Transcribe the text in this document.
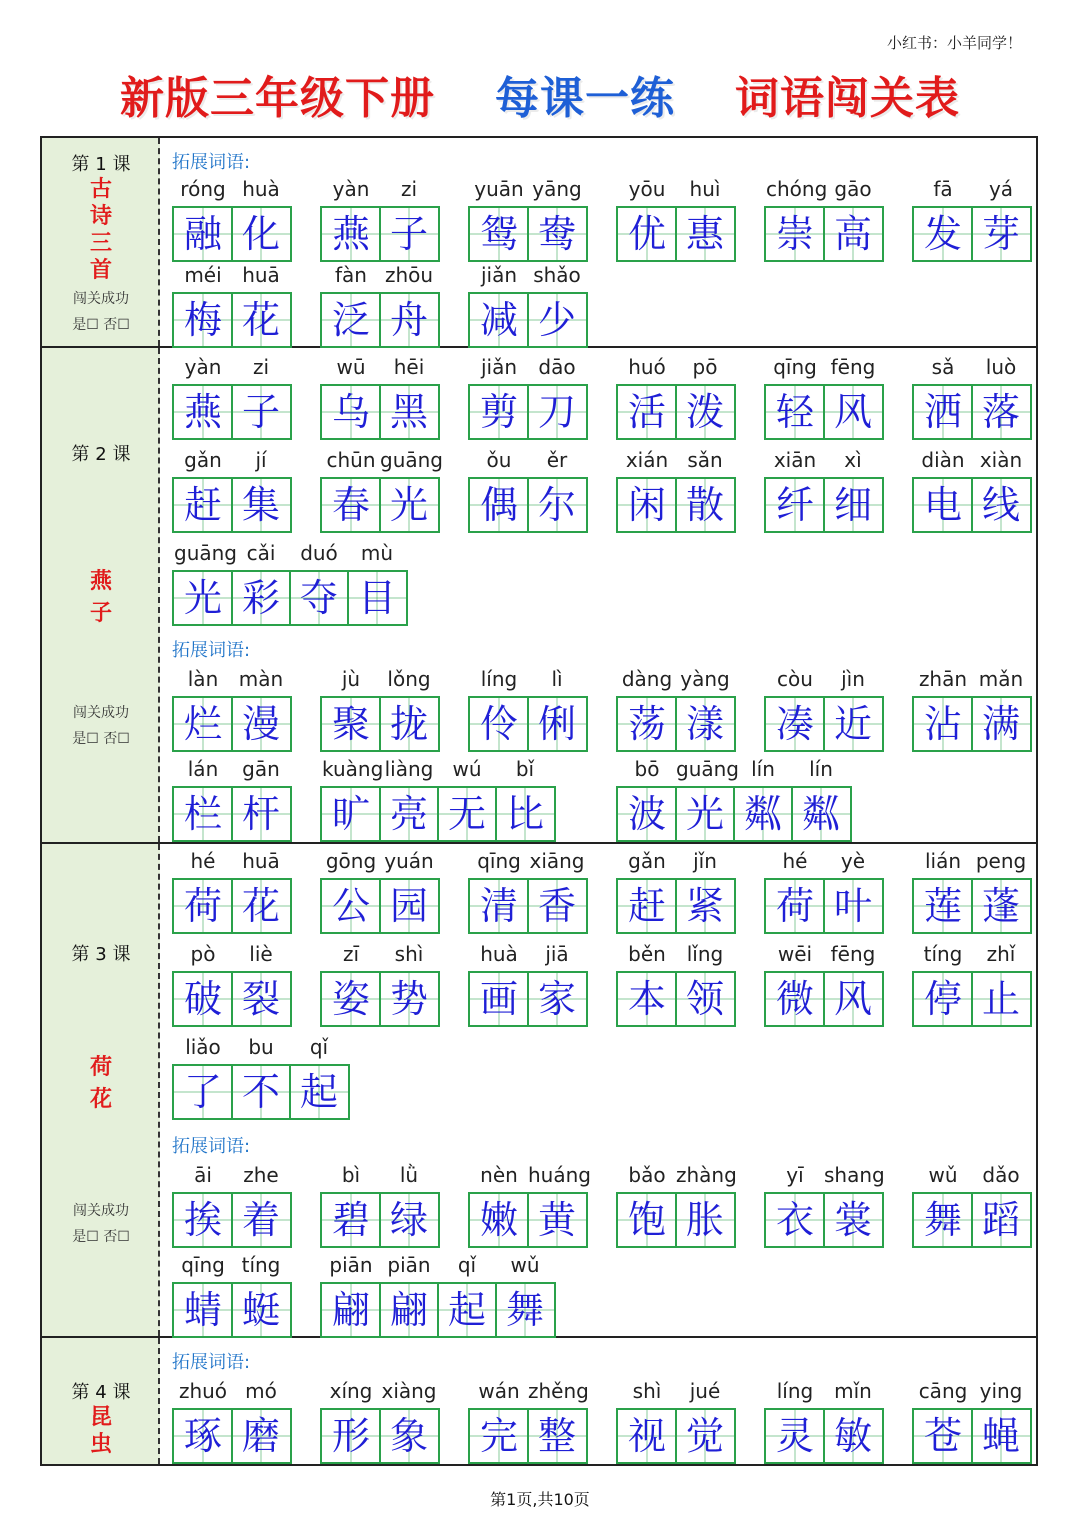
小红书：小羊同学！
新版三年级下册 每课一练 词语闯关表
第 1 课
古诗三首
闯关成功
是☐ 否☐
拓展词语:
róng huà
融 化
yàn	zi
燕 子
yuān yāng
鸳 鸯
yōu	huì
优 惠
chóng gāo
崇 高
fā	yá
发 芽
méi	huā
梅 花
fàn zhōu
泛 舟
jiǎn shǎo
减 少
第 2 课
燕子
闯关成功
是☐ 否☐
拓展词语:
yàn	zi
燕 子
wū	hēi
乌 黑
jiǎn	dāo
剪 刀
huó	pō
活 泼
qīng fēng
轻 风
sǎ	luò
洒 落
gǎn	jí
赶 集
chūn guāng
春 光
ǒu	ěr
偶 尔
xián sǎn
闲 散
xiān	xì
纤 细
diàn xiàn
电 线
guāng cǎi	duó	mù
光 彩 夺 目
làn	màn
烂 漫
jù	lǒng
聚 拢
líng	lì
伶 俐
dàng yàng
荡 漾
còu	jìn
凑 近
zhān mǎn
沾 满
lán	gān
栏 杆
kuàng liàng wú	bǐ
旷 亮 无 比
bō guāng lín	lín
波 光 粼 粼
第 3 课
荷花
闯关成功
是☐ 否☐
拓展词语:
hé	huā
荷 花
gōng yuán
公 园
qīng xiāng
清 香
gǎn	jǐn
赶 紧
hé	yè
荷 叶
lián peng
莲 蓬
pò	liè
破 裂
zī	shì
姿 势
huà	jiā
画 家
běn	lǐng
本 领
wēi fēng
微 风
tíng	zhǐ
停 止
liǎo	bu	qǐ
了 不 起
āi	zhe
挨 着
bì	lǜ
碧 绿
nèn huáng
嫩 黄
bǎo zhàng
饱 胀
yī	shang
衣 裳
wǔ	dǎo
舞 蹈
qīng tíng
蜻 蜓
piān piān	qǐ	wǔ
翩 翩 起 舞
第 4 课
昆虫
拓展词语:
zhuó mó
琢 磨
xíng xiàng
形 象
wán zhěng
完 整
shì	jué
视 觉
líng	mǐn
灵 敏
cāng ying
苍 蝇
第1页,共10页
